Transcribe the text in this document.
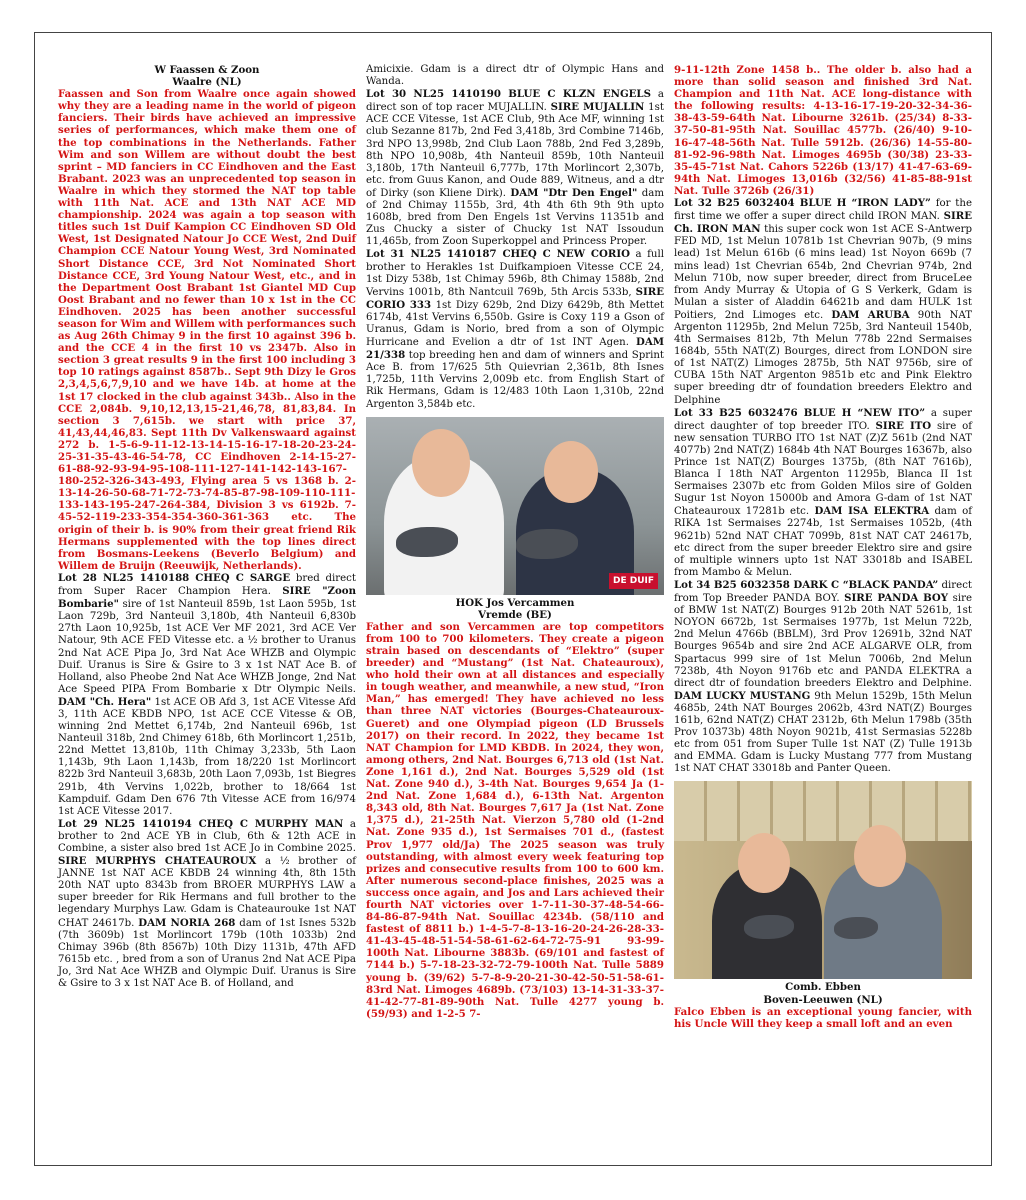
W Faassen & Zoon

Waalre (NL)

Faassen and Son from Waalre once again showed why they are a leading name in the world of pigeon fanciers. Their birds have achieved an impressive series of performances, which make them one of the top combinations in the Netherlands. Father Wim and son Willem are without doubt the best sprint – MD fanciers in CC Eindhoven and the East Brabant. 2023 was an unprecedented top season in Waalre in which they stormed the NAT top table with 11th Nat. ACE and 13th NAT ACE MD championship. 2024 was again a top season with titles such 1st Duif Kampion CC Eindhoven SD Old West, 1st Designated Natour Jo CCE West, 2nd Duif Champion CCE Natour Young West, 3rd Nominated Short Distance CCE, 3rd Not Nominated Short Distance CCE, 3rd Young Natour West, etc., and in the Department Oost Brabant 1st Giantel MD Cup Oost Brabant and no fewer than 10 x 1st in the CC Eindhoven. 2025 has been another successful season for Wim and Willem with performances such as Aug 26th Chimay 9 in the first 10 against 396 b. and the CCE 4 in the first 10 vs 2347b. Also in section 3 great results 9 in the first 100 including 3 top 10 ratings against 8587b.. Sept 9th Dizy le Gros 2,3,4,5,6,7,9,10 and we have 14b. at home at the 1st 17 clocked in the club against 343b.. Also in the CCE 2,084b. 9,10,12,13,15-21,46,78, 81,83,84. In section 3 7,615b. we start with price 37, 41,43,44,46,83. Sept 11th Dv Valkenswaard against 272 b. 1-5-6-9-11-12-13-14-15-16-17-18-20-23-24-25-31-35-43-46-54-78, CC Eindhoven 2-14-15-27-61-88-92-93-94-95-108-111-127-141-142-143-167-180-252-326-343-493, Flying area 5 vs 1368 b. 2-13-14-26-50-68-71-72-73-74-85-87-98-109-110-111-133-143-195-247-264-384, Division 3 vs 6192b. 7-45-52-119-233-354-354-360-361-363 etc. The origin of their b. is 90% from their great friend Rik Hermans supplemented with the top lines direct from Bosmans-Leekens (Beverlo Belgium) and Willem de Bruijn (Reeuwijk, Netherlands).

Lot 28 NL25 1410188 CHEQ C SARGE bred direct from Super Racer Champion Hera. SIRE "Zoon Bombarie" sire of 1st Nanteuil 859b, 1st Laon 595b, 1st Laon 729b, 3rd Nanteuil 3,180b, 4th Nanteuil 6,830b 27th Laon 10,925b, 1st ACE Ver MF 2021, 3rd ACE Ver Natour, 9th ACE FED Vitesse etc. a ½ brother to Uranus 2nd Nat ACE Pipa Jo, 3rd Nat Ace WHZB and Olympic Duif. Uranus is Sire & Gsire to 3 x 1st NAT Ace B. of Holland, also Pheobe 2nd Nat Ace WHZB Jonge, 2nd Nat Ace Speed PIPA From Bombarie x Dtr Olympic Neils. DAM "Ch. Hera" 1st ACE OB Afd 3, 1st ACE Vitesse Afd 3, 11th ACE KBDB NPO, 1st ACE CCE Vitesse & OB, winning 2nd Mettet 6,174b, 2nd Nanteuil 696b, 1st Nanteuil 318b, 2nd Chimey 618b, 6th Morlincort 1,251b, 22nd Mettet 13,810b, 11th Chimay 3,233b, 5th Laon 1,143b, 9th Laon 1,143b, from 18/220 1st Morlincort 822b 3rd Nanteuil 3,683b, 20th Laon 7,093b, 1st Biegres 291b, 4th Vervins 1,022b, brother to 18/664 1st Kampduif. Gdam Den 676 7th Vitesse ACE from 16/974 1st ACE Vitesse 2017.

Lot 29 NL25 1410194 CHEQ C MURPHY MAN a brother to 2nd ACE YB in Club, 6th & 12th ACE in Combine, a sister also bred 1st ACE Jo in Combine 2025. SIRE MURPHYS CHATEAUROUX a ½ brother of JANNE 1st NAT ACE KBDB 24 winning 4th, 8th 15th 20th NAT upto 8343b from BROER MURPHYS LAW a super breeder for Rik Hermans and full brother to the legendary Murphys Law. Gdam is Chateaurouke 1st NAT CHAT 24617b. DAM NORIA 268 dam of 1st Isnes 532b (7th 3609b) 1st Morlincort 179b (10th 1033b) 2nd Chimay 396b (8th 8567b) 10th Dizy 1131b, 47th AFD 7615b etc. , bred from a son of Uranus 2nd Nat ACE Pipa Jo, 3rd Nat Ace WHZB and Olympic Duif. Uranus is Sire & Gsire to 3 x 1st NAT Ace B. of Holland, and

Amicixie. Gdam is a direct dtr of Olympic Hans and Wanda.

Lot 30 NL25 1410190 BLUE C KLZN ENGELS a direct son of top racer MUJALLIN. SIRE MUJALLIN 1st ACE CCE Vitesse, 1st ACE Club, 9th Ace MF, winning 1st club Sezanne 817b, 2nd Fed 3,418b, 3rd Combine 7146b, 3rd NPO 13,998b, 2nd Club Laon 788b, 2nd Fed 3,289b, 8th NPO 10,908b, 4th Nanteuil 859b, 10th Nanteuil 3,180b, 17th Nanteuil 6,777b, 17th Morlincort 2,307b, etc. from Guus Kanon, and Oude 889, Witneus, and a dtr of Dirky (son Kliene Dirk). DAM "Dtr Den Engel" dam of 2nd Chimay 1155b, 3rd, 4th 4th 6th 9th 9th upto 1608b, bred from Den Engels 1st Vervins 11351b and Zus Chucky a sister of Chucky 1st NAT Issoudun 11,465b, from Zoon Superkoppel and Princess Proper.

Lot 31 NL25 1410187 CHEQ C NEW CORIO a full brother to Herakles 1st Duifkampioen Vitesse CCE 24, 1st Dizy 538b, 1st Chimay 596b, 8th Chimay 1588b, 2nd Vervins 1001b, 8th Nantcuil 769b, 5th Arcis 533b, SIRE CORIO 333 1st Dizy 629b, 2nd Dizy 6429b, 8th Mettet 6174b, 41st Vervins 6,550b. Gsire is Coxy 119 a Gson of Uranus, Gdam is Norio, bred from a son of Olympic Hurricane and Evelion a dtr of 1st INT Agen. DAM 21/338 top breeding hen and dam of winners and Sprint Ace B. from 17/625 5th Quievrian 2,361b, 8th Isnes 1,725b, 11th Vervins 2,009b etc. from English Start of Rik Hermans, Gdam is 12/483 10th Laon 1,310b, 22nd Argenton 3,584b etc.

DE DUIF

HOK Jos Vercammen

Vremde (BE)

Father and son Vercammen are top competitors from 100 to 700 kilometers. They create a pigeon strain based on descendants of “Elektro” (super breeder) and “Mustang” (1st Nat. Chateauroux), who hold their own at all distances and especially in tough weather, and meanwhile, a new stud, “Iron Man,” has emerged! They have achieved no less than three NAT victories (Bourges-Chateauroux-Gueret) and one Olympiad pigeon (LD Brussels 2017) on their record. In 2022, they became 1st NAT Champion for LMD KBDB. In 2024, they won, among others, 2nd Nat. Bourges 6,713 old (1st Nat. Zone 1,161 d.), 2nd Nat. Bourges 5,529 old (1st Nat. Zone 940 d.), 3-4th Nat. Bourges 9,654 Ja (1-2nd Nat. Zone 1,684 d.), 6-13th Nat. Argenton 8,343 old, 8th Nat. Bourges 7,617 Ja (1st Nat. Zone 1,375 d.), 21-25th Nat. Vierzon 5,780 old (1-2nd Nat. Zone 935 d.), 1st Sermaises 701 d., (fastest Prov 1,977 old/Ja) The 2025 season was truly outstanding, with almost every week featuring top prizes and consecutive results from 100 to 600 km. After numerous second-place finishes, 2025 was a success once again, and Jos and Lars achieved their fourth NAT victories over 1-7-11-30-37-48-54-66-84-86-87-94th Nat. Souillac 4234b. (58/110 and fastest of 8811 b.) 1-4-5-7-8-13-16-20-24-26-28-33-41-43-45-48-51-54-58-61-62-64-72-75-91 93-99-100th Nat. Libourne 3883b. (69/101 and fastest of 7144 b.) 5-7-18-23-32-72-79-100th Nat. Tulle 5889 young b. (39/62) 5-7-8-9-20-21-30-42-50-51-58-61-83rd Nat. Limoges 4689b. (73/103) 13-14-31-33-37-41-42-77-81-89-90th Nat. Tulle 4277 young b. (59/93) and 1-2-5 7-

9-11-12th Zone 1458 b.. The older b. also had a more than solid season and finished 3rd Nat. Champion and 11th Nat. ACE long-distance with the following results: 4-13-16-17-19-20-32-34-36-38-43-59-64th Nat. Libourne 3261b. (25/34) 8-33-37-50-81-95th Nat. Souillac 4577b. (26/40) 9-10-16-47-48-56th Nat. Tulle 5912b. (26/36) 14-55-80-81-92-96-98th Nat. Limoges 4695b (30/38) 23-33-35-45-71st Nat. Cahors 5226b (13/17) 41-47-63-69-94th Nat. Limoges 13,016b (32/56) 41-85-88-91st Nat. Tulle 3726b (26/31)

Lot 32 B25 6032404 BLUE H “IRON LADY” for the first time we offer a super direct child IRON MAN. SIRE Ch. IRON MAN this super cock won 1st ACE S-Antwerp FED MD, 1st Melun 10781b 1st Chevrian 907b, (9 mins lead) 1st Melun 616b (6 mins lead) 1st Noyon 669b (7 mins lead) 1st Chevrian 654b, 2nd Chevrian 974b, 2nd Melun 710b, now super breeder, direct from BruceLee from Andy Murray & Utopia of G S Verkerk, Gdam is Mulan a sister of Aladdin 64621b and dam HULK 1st Poitiers, 2nd Limoges etc. DAM ARUBA 90th NAT Argenton 11295b, 2nd Melun 725b, 3rd Nanteuil 1540b, 4th Sermaises 812b, 7th Melun 778b 22nd Sermaises 1684b, 55th NAT(Z) Bourges, direct from LONDON sire of 1st NAT(Z) Limoges 2875b, 5th NAT 9756b, sire of CUBA 15th NAT Argenton 9851b etc and Pink Elektro super breeding dtr of foundation breeders Elektro and Delphine

Lot 33 B25 6032476 BLUE H “NEW ITO” a super direct daughter of top breeder ITO. SIRE ITO sire of new sensation TURBO ITO 1st NAT (Z)Z 561b (2nd NAT 4077b) 2nd NAT(Z) 1684b 4th NAT Bourges 16367b, also Prince 1st NAT(Z) Bourges 1375b, (8th NAT 7616b), Blanca I 18th NAT Argenton 11295b, Blanca II 1st Sermaises 2307b etc from Golden Milos sire of Golden Sugur 1st Noyon 15000b and Amora G-dam of 1st NAT Chateauroux 17281b etc. DAM ISA ELEKTRA dam of RIKA 1st Sermaises 2274b, 1st Sermaises 1052b, (4th 9621b) 52nd NAT CHAT 7099b, 81st NAT CAT 24617b, etc direct from the super breeder Elektro sire and gsire of multiple winners upto 1st NAT 33018b and ISABEL from Mambo & Melun.

Lot 34 B25 6032358 DARK C “BLACK PANDA” direct from Top Breeder PANDA BOY. SIRE PANDA BOY sire of BMW 1st NAT(Z) Bourges 912b 20th NAT 5261b, 1st NOYON 6672b, 1st Sermaises 1977b, 1st Melun 722b, 2nd Melun 4766b (BBLM), 3rd Prov 12691b, 32nd NAT Bourges 9654b and sire 2nd ACE ALGARVE OLR, from Spartacus 999 sire of 1st Melun 7006b, 2nd Melun 7238b, 4th Noyon 9176b etc and PANDA ELEKTRA a direct dtr of foundation breeders Elektro and Delphine. DAM LUCKY MUSTANG 9th Melun 1529b, 15th Melun 4685b, 24th NAT Bourges 2062b, 43rd NAT(Z) Bourges 161b, 62nd NAT(Z) CHAT 2312b, 6th Melun 1798b (35th Prov 10373b) 48th Noyon 9021b, 41st Sermasias 5228b etc from 051 from Super Tulle 1st NAT (Z) Tulle 1913b and EMMA. Gdam is Lucky Mustang 777 from Mustang 1st NAT CHAT 33018b and Panter Queen.

Comb. Ebben

Boven-Leeuwen (NL)

Falco Ebben is an exceptional young fancier, with his Uncle Will they keep a small loft and an even
